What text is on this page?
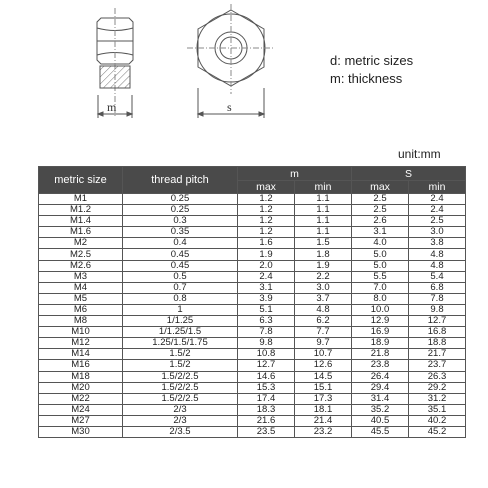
m	s
d: metric sizes
m: thickness
unit:mm
metric size	thread pitch	m		S	
		max	min	max	min
M1	0.25	1.2	1.1	2.5	2.4
M1.2	0.25	1.2	1.1	2.5	2.4
M1.4	0.3	1.2	1.1	2.6	2.5
M1.6	0.35	1.2	1.1	3.1	3.0
M2	0.4	1.6	1.5	4.0	3.8
M2.5	0.45	1.9	1.8	5.0	4.8
M2.6	0.45	2.0	1.9	5.0	4.8
M3	0.5	2.4	2.2	5.5	5.4
M4	0.7	3.1	3.0	7.0	6.8
M5	0.8	3.9	3.7	8.0	7.8
M6	1	5.1	4.8	10.0	9.8
M8	1/1.25	6.3	6.2	12.9	12.7
M10	1/1.25/1.5	7.8	7.7	16.9	16.8
M12	1.25/1.5/1.75	9.8	9.7	18.9	18.8
M14	1.5/2	10.8	10.7	21.8	21.7
M16	1.5/2	12.7	12.6	23.8	23.7
M18	1.5/2/2.5	14.6	14.5	26.4	26.3
M20	1.5/2/2.5	15.3	15.1	29.4	29.2
M22	1.5/2/2.5	17.4	17.3	31.4	31.2
M24	2/3	18.3	18.1	35.2	35.1
M27	2/3	21.6	21.4	40.5	40.2
M30	2/3.5	23.5	23.2	45.5	45.2
